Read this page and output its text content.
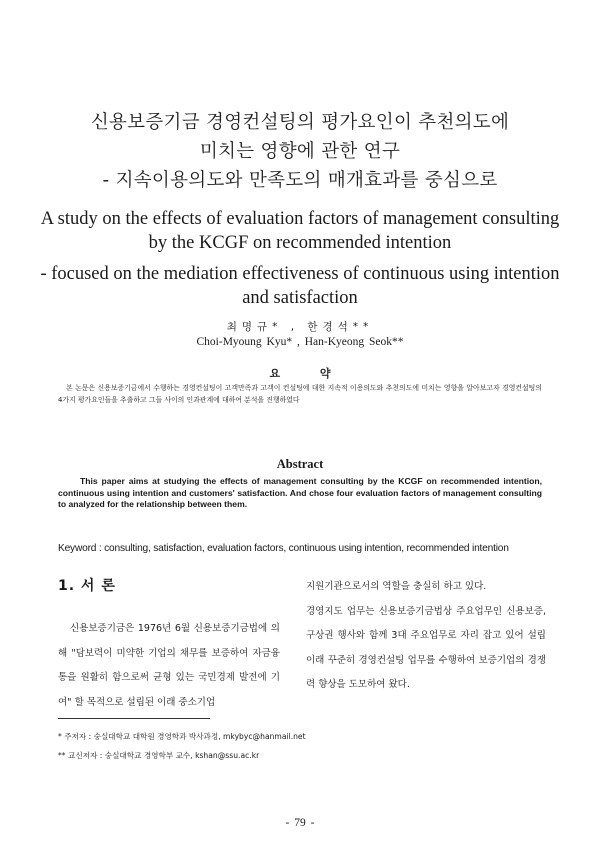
신용보증기금 경영컨설팅의 평가요인이 추천의도에
미치는 영향에 관한 연구
- 지속이용의도와 만족도의 매개효과를 중심으로
A study on the effects of evaluation factors of management consulting by the KCGF on recommended intention
- focused on the mediation effectiveness of continuous using intention and satisfaction
최명규* , 한경석**
Choi-Myoung Kyu* , Han-Kyeong Seok**
요 약
본 논문은 신용보증기금에서 수행하는 경영컨설팅이 고객만족과 고객이 컨설팅에 대한 지속적 이용의도와 추천의도에 미치는 영향을 알아보고자 경영컨설팅의 4가지 평가요인들을 추출하고 그들 사이의 인과관계에 대하여 분석을 진행하였다
Abstract
This paper aims at studying the effects of management consulting by the KCGF on recommended intention, continuous using intention and customers' satisfaction. And chose four evaluation factors of management consulting to analyzed for the relationship between them.
Keyword : consulting, satisfaction, evaluation factors, continuous using intention, recommended intention
1. 서 론

신용보증기금은 1976년 6월 신용보증기금법에 의해 "담보력이 미약한 기업의 채무를 보증하여 자금융통을 원활히 함으로써 균형 있는 국민경제 발전에 기여" 할 목적으로 설립된 이래 중소기업

지원기관으로서의 역할을 충실히 하고 있다.

경영지도 업무는 신용보증기금법상 주요업무인 신용보증, 구상권 행사와 함께 3대 주요업무로 자리 잡고 있어 설립 이래 꾸준히 경영컨설팅 업무를 수행하여 보증기업의 경쟁력 향상을 도모하여 왔다.

* 주저자 : 숭실대학교 대학원 경영학과 박사과정, mkybyc@hanmail.net
** 교신저자 : 숭실대학교 경영학부 교수, kshan@ssu.ac.kr
- 79 -
